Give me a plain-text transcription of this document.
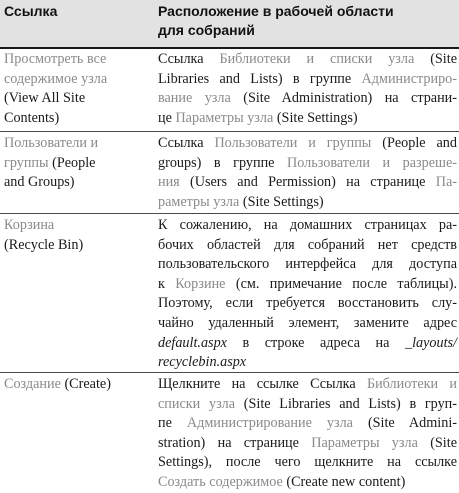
Ссылка	Расположение в рабочей области
для собраний
Просмотреть все
содержимое узла
(View All Site
Contents)
Ссылка Библиотеки и списки узла (Site
Libraries and Lists) в группе Администриро-
вание узла (Site Administration) на страни-
це Параметры узла (Site Settings)
Пользователи и
группы (People
and Groups)
Ссылка Пользователи и группы (People and
groups) в группе Пользователи и разреше-
ния (Users and Permission) на странице Па-
раметры узла (Site Settings)
Корзина
(Recycle Bin)
К сожалению, на домашних страницах ра-
бочих областей для собраний нет средств
пользовательского интерфейса для доступа
к Корзине (см. примечание после таблицы).
Поэтому, если требуется восстановить слу-
чайно удаленный элемент, замените адрес
default.aspx в строке адреса на _layouts/
recyclebin.aspx
Создание (Create)	Щелкните на ссылке Ссылка Библиотеки и
списки узла (Site Libraries and Lists) в груп-
пе Администрирование узла (Site Admini-
stration) на странице Параметры узла (Site
Settings), после чего щелкните на ссылке
Создать содержимое (Create new content)
